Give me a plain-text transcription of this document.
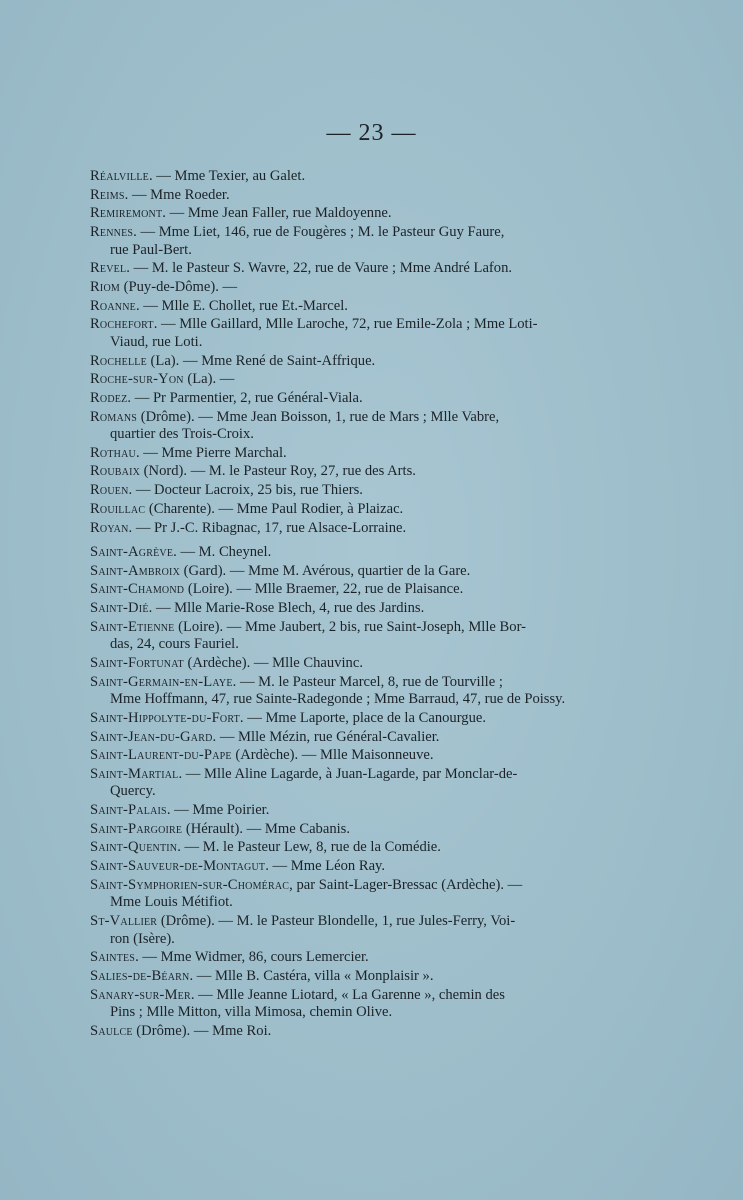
— 23 —
Réalville. — Mme Texier, au Galet.
Reims. — Mme Roeder.
Remiremont. — Mme Jean Faller, rue Maldoyenne.
Rennes. — Mme Liet, 146, rue de Fougères ; M. le Pasteur Guy Faure,
rue Paul-Bert.
Revel. — M. le Pasteur S. Wavre, 22, rue de Vaure ; Mme André Lafon.
Riom (Puy-de-Dôme). —
Roanne. — Mlle E. Chollet, rue Et.-Marcel.
Rochefort. — Mlle Gaillard, Mlle Laroche, 72, rue Emile-Zola ; Mme Loti-
Viaud, rue Loti.
Rochelle (La). — Mme René de Saint-Affrique.
Roche-sur-Yon (La). —
Rodez. — Pr Parmentier, 2, rue Général-Viala.
Romans (Drôme). — Mme Jean Boisson, 1, rue de Mars ; Mlle Vabre,
quartier des Trois-Croix.
Rothau. — Mme Pierre Marchal.
Roubaix (Nord). — M. le Pasteur Roy, 27, rue des Arts.
Rouen. — Docteur Lacroix, 25 bis, rue Thiers.
Rouillac (Charente). — Mme Paul Rodier, à Plaizac.
Royan. — Pr J.-C. Ribagnac, 17, rue Alsace-Lorraine.
Saint-Agrève. — M. Cheynel.
Saint-Ambroix (Gard). — Mme M. Avérous, quartier de la Gare.
Saint-Chamond (Loire). — Mlle Braemer, 22, rue de Plaisance.
Saint-Dié. — Mlle Marie-Rose Blech, 4, rue des Jardins.
Saint-Etienne (Loire). — Mme Jaubert, 2 bis, rue Saint-Joseph, Mlle Bor-
das, 24, cours Fauriel.
Saint-Fortunat (Ardèche). — Mlle Chauvinc.
Saint-Germain-en-Laye. — M. le Pasteur Marcel, 8, rue de Tourville ;
Mme Hoffmann, 47, rue Sainte-Radegonde ; Mme Barraud, 47, rue de Poissy.
Saint-Hippolyte-du-Fort. — Mme Laporte, place de la Canourgue.
Saint-Jean-du-Gard. — Mlle Mézin, rue Général-Cavalier.
Saint-Laurent-du-Pape (Ardèche). — Mlle Maisonneuve.
Saint-Martial. — Mlle Aline Lagarde, à Juan-Lagarde, par Monclar-de-
Quercy.
Saint-Palais. — Mme Poirier.
Saint-Pargoire (Hérault). — Mme Cabanis.
Saint-Quentin. — M. le Pasteur Lew, 8, rue de la Comédie.
Saint-Sauveur-de-Montagut. — Mme Léon Ray.
Saint-Symphorien-sur-Chomérac, par Saint-Lager-Bressac (Ardèche). —
Mme Louis Métifiot.
St-Vallier (Drôme). — M. le Pasteur Blondelle, 1, rue Jules-Ferry, Voi-
ron (Isère).
Saintes. — Mme Widmer, 86, cours Lemercier.
Salies-de-Béarn. — Mlle B. Castéra, villa « Monplaisir ».
Sanary-sur-Mer. — Mlle Jeanne Liotard, « La Garenne », chemin des
Pins ; Mlle Mitton, villa Mimosa, chemin Olive.
Saulce (Drôme). — Mme Roi.
